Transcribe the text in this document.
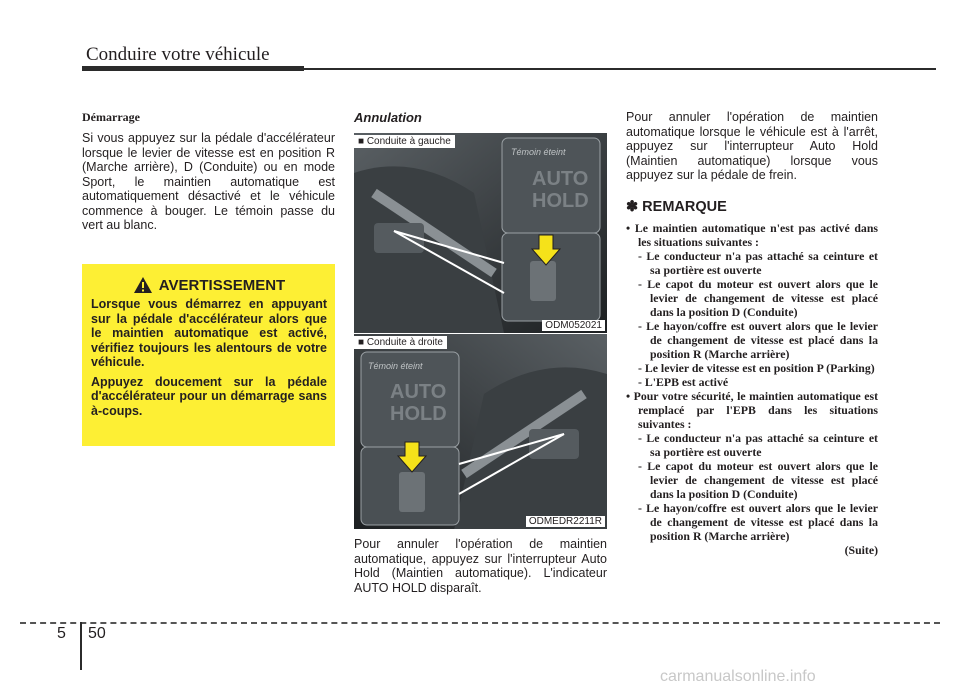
Conduire votre véhicule
Démarrage

Si vous appuyez sur la pédale d'accélérateur lorsque le levier de vitesse est en position R (Marche arrière), D (Conduite) ou en mode Sport, le maintien automatique est automatiquement désactivé et le véhicule commence à bouger. Le témoin passe du vert au blanc.

AVERTISSEMENT

Lorsque vous démarrez en appuyant sur la pédale d'accélérateur alors que le maintien automatique est activé, vérifiez toujours les alentours de votre véhicule.

Appuyez doucement sur la pédale d'accélérateur pour un démarrage sans à-coups.

Annulation
Témoin éteint
AUTO
HOLD
■ Conduite à gauche
ODM052021
Témoin éteint
AUTO
HOLD
■ Conduite à droite
ODMEDR2211R

Pour annuler l'opération de maintien automatique, appuyez sur l'interrupteur Auto Hold (Maintien automatique). L'indicateur AUTO HOLD disparaît.

Pour annuler l'opération de maintien automatique lorsque le véhicule est à l'arrêt, appuyez sur l'interrupteur Auto Hold (Maintien automatique) lorsque vous appuyez sur la pédale de frein.

✽ REMARQUE
• Le maintien automatique n'est pas activé dans les situations suivantes :
- Le conducteur n'a pas attaché sa ceinture et sa portière est ouverte
- Le capot du moteur est ouvert alors que le levier de changement de vitesse est placé dans la position D (Conduite)
- Le hayon/coffre est ouvert alors que le levier de changement de vitesse est placé dans la position R (Marche arrière)
- Le levier de vitesse est en position P (Parking)
- L'EPB est activé
• Pour votre sécurité, le maintien automatique est remplacé par l'EPB dans les situations suivantes :
- Le conducteur n'a pas attaché sa ceinture et sa portière est ouverte
- Le capot du moteur est ouvert alors que le levier de changement de vitesse est placé dans la position D (Conduite)
- Le hayon/coffre est ouvert alors que le levier de changement de vitesse est placé dans la position R (Marche arrière)
(Suite)
5 50
carmanualsonline.info
